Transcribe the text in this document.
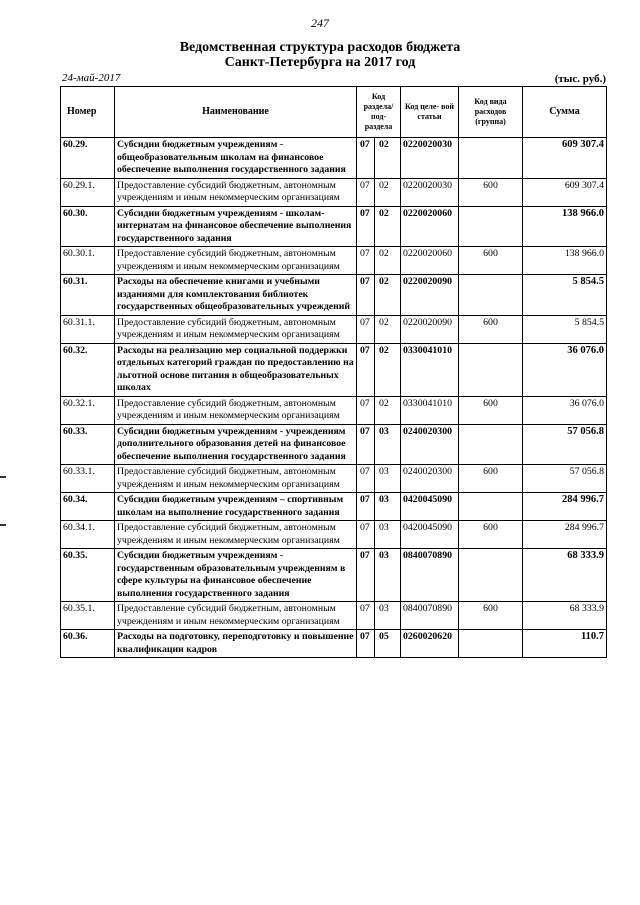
247
Ведомственная структура расходов бюджета
Санкт-Петербурга на 2017 год
24-май-2017	(тыс. руб.)
Номер	Наименование	Код раздела/ под- раздела		Код целе- вой статьи	Код вида расходов (группа)	Сумма
60.29.	Субсидии бюджетным учреждениям - общеобразовательным школам на финансовое обеспечение выполнения государственного задания	07	02	0220020030		609 307.4
60.29.1.	Предоставление субсидий бюджетным, автономным учреждениям и иным некоммерческим организациям	07	02	0220020030	600	609 307.4
60.30.	Субсидии бюджетным учреждениям - школам-интернатам на финансовое обеспечение выполнения государственного задания	07	02	0220020060		138 966.0
60.30.1.	Предоставление субсидий бюджетным, автономным учреждениям и иным некоммерческим организациям	07	02	0220020060	600	138 966.0
60.31.	Расходы на обеспечение книгами и учебными изданиями для комплектования библиотек государственных общеобразовательных учреждений	07	02	0220020090		5 854.5
60.31.1.	Предоставление субсидий бюджетным, автономным учреждениям и иным некоммерческим организациям	07	02	0220020090	600	5 854.5
60.32.	Расходы на реализацию мер социальной поддержки отдельных категорий граждан по предоставлению на льготной основе питания в общеобразовательных школах	07	02	0330041010		36 076.0
60.32.1.	Предоставление субсидий бюджетным, автономным учреждениям и иным некоммерческим организациям	07	02	0330041010	600	36 076.0
60.33.	Субсидии бюджетным учреждениям - учреждениям дополнительного образования детей на финансовое обеспечение выполнения государственного задания	07	03	0240020300		57 056.8
60.33.1.	Предоставление субсидий бюджетным, автономным учреждениям и иным некоммерческим организациям	07	03	0240020300	600	57 056.8
60.34.	Субсидии бюджетным учреждениям – спортивным школам на выполнение государственного задания	07	03	0420045090		284 996.7
60.34.1.	Предоставление субсидий бюджетным, автономным учреждениям и иным некоммерческим организациям	07	03	0420045090	600	284 996.7
60.35.	Субсидии бюджетным учреждениям - государственным образовательным учреждениям в сфере культуры на финансовое обеспечение выполнения государственного задания	07	03	0840070890		68 333.9
60.35.1.	Предоставление субсидий бюджетным, автономным учреждениям и иным некоммерческим организациям	07	03	0840070890	600	68 333.9
60.36.	Расходы на подготовку, переподготовку и повышение квалификации кадров	07	05	0260020620		110.7
